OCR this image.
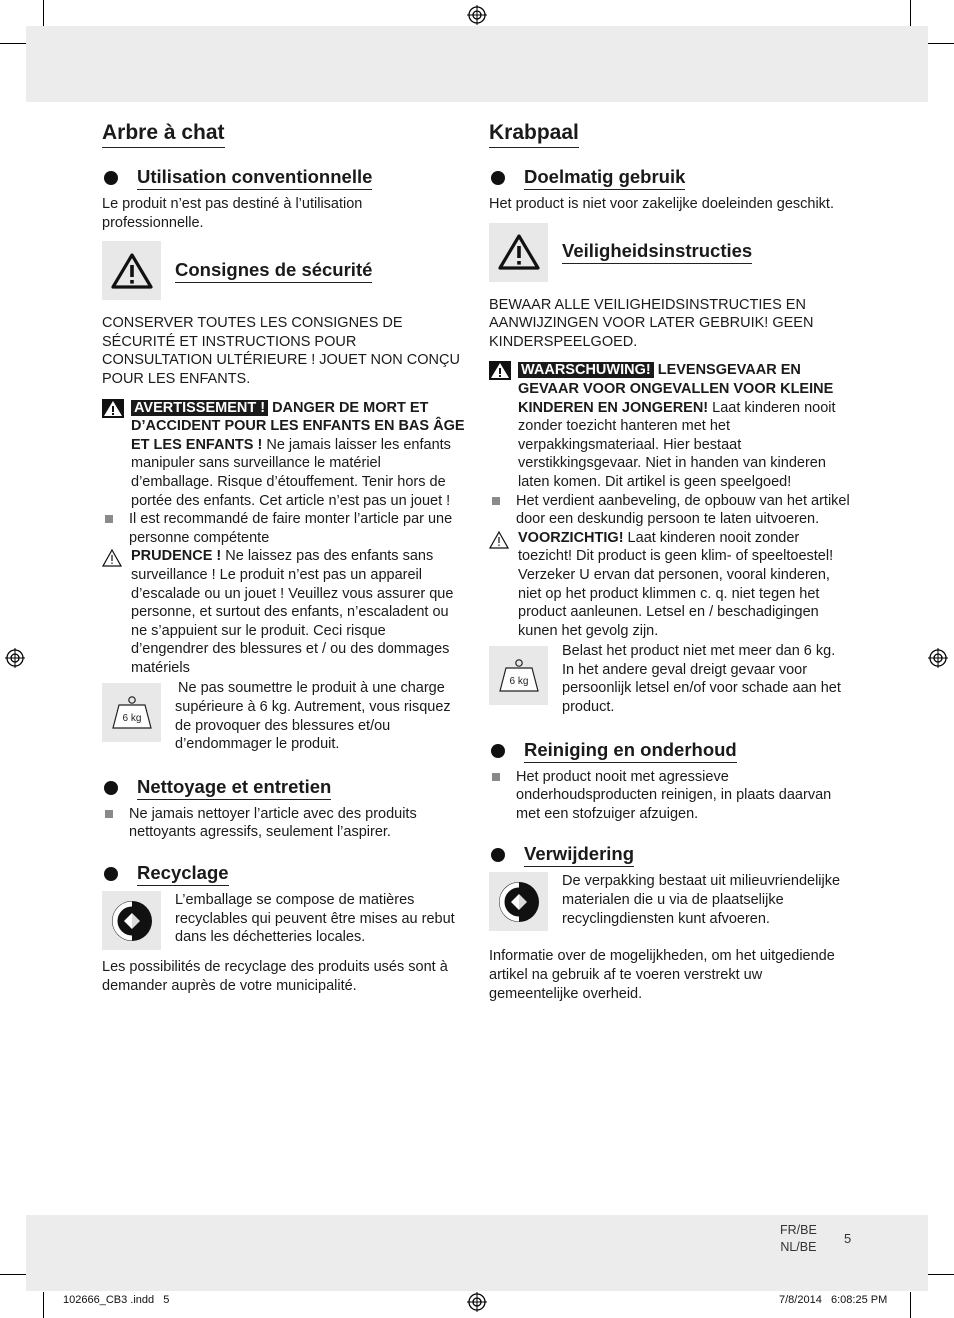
Arbre à chat
Utilisation conventionnelle

Le produit n’est pas destiné à l’utilisation professionnelle.

Consignes de sécurité

CONSERVER TOUTES LES CONSIGNES DE SÉCURITÉ ET INSTRUCTIONS POUR CONSULTATION ULTÉRIEURE ! JOUET NON CONÇU POUR LES ENFANTS.

AVERTISSEMENT ! DANGER DE MORT ET D’ACCIDENT POUR LES ENFANTS EN BAS ÂGE ET LES ENFANTS ! Ne jamais laisser les enfants manipuler sans surveillance le matériel d’emballage. Risque d’étouffement. Tenir hors de portée des enfants. Cet article n’est pas un jouet !
Il est recommandé de faire monter l’article par une personne compétente
PRUDENCE ! Ne laissez pas des enfants sans surveillance ! Le produit n’est pas un appareil d’escalade ou un jouet ! Veuillez vous assurer que personne, et surtout des enfants, n’escaladent ou ne s’appuient sur le produit. Ceci risque d’engendrer des blessures et / ou des dommages matériels
6 kg

Ne pas soumettre le produit à une charge supérieure à 6 kg. Autrement, vous risquez de provoquer des blessures et/ou d’endommager le produit.

Nettoyage et entretien
Ne jamais nettoyer l’article avec des produits nettoyants agressifs, seulement l’aspirer.
Recyclage

L’emballage se compose de matières recyclables qui peuvent être mises au rebut dans les déchetteries locales.

Les possibilités de recyclage des produits usés sont à demander auprès de votre municipalité.

Krabpaal
Doelmatig gebruik

Het product is niet voor zakelijke doeleinden geschikt.

Veiligheidsinstructies

BEWAAR ALLE VEILIGHEIDSINSTRUCTIES EN AANWIJZINGEN VOOR LATER GEBRUIK! GEEN KINDERSPEELGOED.

WAARSCHUWING! LEVENSGEVAAR EN GEVAAR VOOR ONGEVALLEN VOOR KLEINE KINDEREN EN JONGEREN! Laat kinderen nooit zonder toezicht hanteren met het verpakkingsmateriaal. Hier bestaat verstikkingsgevaar. Niet in handen van kinderen laten komen. Dit artikel is geen speelgoed!
Het verdient aanbeveling, de opbouw van het artikel door een deskundig persoon te laten uitvoeren.
VOORZICHTIG! Laat kinderen nooit zonder toezicht! Dit product is geen klim- of speeltoestel! Verzeker U ervan dat personen, vooral kinderen, niet op het product klimmen c. q. niet tegen het product aanleunen. Letsel en / beschadigingen kunen het gevolg zijn.
6 kg

Belast het product niet met meer dan 6 kg. In het andere geval dreigt gevaar voor persoonlijk letsel en/of voor schade aan het product.

Reiniging en onderhoud
Het product nooit met agressieve onderhoudsproducten reinigen, in plaats daarvan met een stofzuiger afzuigen.
Verwijdering

De verpakking bestaat uit milieuvriendelijke materialen die u via de plaatselijke recyclingdiensten kunt afvoeren.

Informatie over de mogelijkheden, om het uitgediende artikel na gebruik af te voeren verstrekt uw gemeentelijke overheid.

FR/BE
NL/BE
5
102666_CB3 .indd   5	7/8/2014   6:08:25 PM
